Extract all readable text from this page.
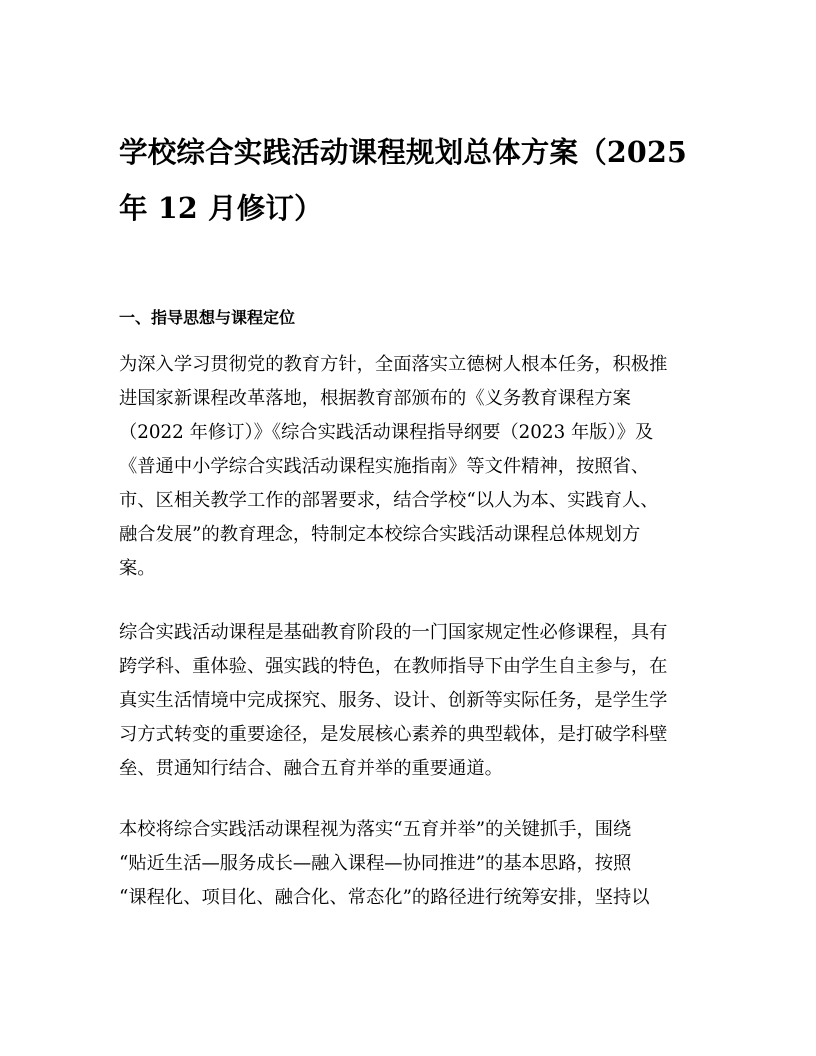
学校综合实践活动课程规划总体方案（2025
年 12 月修订）
一、指导思想与课程定位
为深入学习贯彻党的教育方针，全面落实立德树人根本任务，积极推
进国家新课程改革落地，根据教育部颁布的《义务教育课程方案
（2022 年修订）》《综合实践活动课程指导纲要（2023 年版）》及
《普通中小学综合实践活动课程实施指南》等文件精神，按照省、
市、区相关教学工作的部署要求，结合学校“以人为本、实践育人、
融合发展”的教育理念，特制定本校综合实践活动课程总体规划方
案。
综合实践活动课程是基础教育阶段的一门国家规定性必修课程，具有
跨学科、重体验、强实践的特色，在教师指导下由学生自主参与，在
真实生活情境中完成探究、服务、设计、创新等实际任务，是学生学
习方式转变的重要途径，是发展核心素养的典型载体，是打破学科壁
垒、贯通知行结合、融合五育并举的重要通道。
本校将综合实践活动课程视为落实“五育并举”的关键抓手，围绕
“贴近生活—服务成长—融入课程—协同推进”的基本思路，按照
“课程化、项目化、融合化、常态化”的路径进行统筹安排，坚持以
